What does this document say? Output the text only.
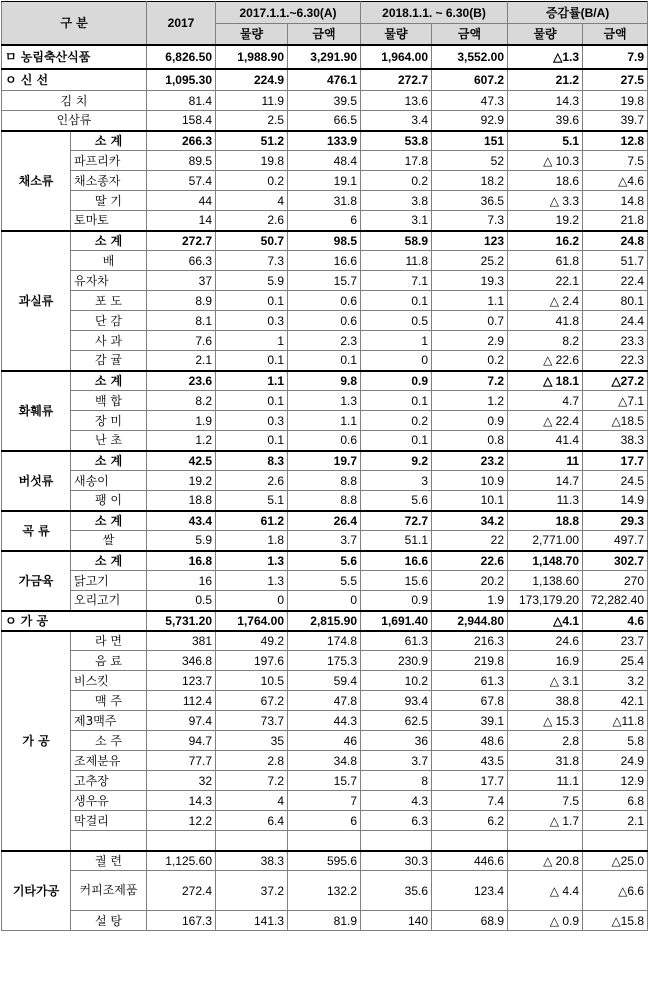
구 분		2017	2017.1.1.~6.30(A)		2018.1.1. ~ 6.30(B)		증감률(B/A)	
			물량	금액	물량	금액	물량	금액
ㅁ 농림축산식품		6,826.50	1,988.90	3,291.90	1,964.00	3,552.00	△1.3	7.9
ㅇ 신 선		1,095.30	224.9	476.1	272.7	607.2	21.2	27.5
김 치		81.4	11.9	39.5	13.6	47.3	14.3	19.8
인삼류		158.4	2.5	66.5	3.4	92.9	39.6	39.7
채소류	소 계	266.3	51.2	133.9	53.8	151	5.1	12.8
	파프리카	89.5	19.8	48.4	17.8	52	△ 10.3	7.5
	채소종자	57.4	0.2	19.1	0.2	18.2	18.6	△4.6
	딸 기	44	4	31.8	3.8	36.5	△ 3.3	14.8
	토마토	14	2.6	6	3.1	7.3	19.2	21.8
과실류	소 계	272.7	50.7	98.5	58.9	123	16.2	24.8
	배	66.3	7.3	16.6	11.8	25.2	61.8	51.7
	유자차	37	5.9	15.7	7.1	19.3	22.1	22.4
	포 도	8.9	0.1	0.6	0.1	1.1	△ 2.4	80.1
	단 감	8.1	0.3	0.6	0.5	0.7	41.8	24.4
	사 과	7.6	1	2.3	1	2.9	8.2	23.3
	감 귤	2.1	0.1	0.1	0	0.2	△ 22.6	22.3
화훼류	소 계	23.6	1.1	9.8	0.9	7.2	△ 18.1	△27.2
	백 합	8.2	0.1	1.3	0.1	1.2	4.7	△7.1
	장 미	1.9	0.3	1.1	0.2	0.9	△ 22.4	△18.5
	난 초	1.2	0.1	0.6	0.1	0.8	41.4	38.3
버섯류	소 계	42.5	8.3	19.7	9.2	23.2	11	17.7
	새송이	19.2	2.6	8.8	3	10.9	14.7	24.5
	팽 이	18.8	5.1	8.8	5.6	10.1	11.3	14.9
곡 류	소 계	43.4	61.2	26.4	72.7	34.2	18.8	29.3
	쌀	5.9	1.8	3.7	51.1	22	2,771.00	497.7
가금육	소 계	16.8	1.3	5.6	16.6	22.6	1,148.70	302.7
	닭고기	16	1.3	5.5	15.6	20.2	1,138.60	270
	오리고기	0.5	0	0	0.9	1.9	173,179.20	72,282.40
ㅇ 가 공		5,731.20	1,764.00	2,815.90	1,691.40	2,944.80	△4.1	4.6
가 공	라 면	381	49.2	174.8	61.3	216.3	24.6	23.7
	음 료	346.8	197.6	175.3	230.9	219.8	16.9	25.4
	비스킷	123.7	10.5	59.4	10.2	61.3	△ 3.1	3.2
	맥 주	112.4	67.2	47.8	93.4	67.8	38.8	42.1
	제3맥주	97.4	73.7	44.3	62.5	39.1	△ 15.3	△11.8
	소 주	94.7	35	46	36	48.6	2.8	5.8
	조제분유	77.7	2.8	34.8	3.7	43.5	31.8	24.9
	고추장	32	7.2	15.7	8	17.7	11.1	12.9
	생우유	14.3	4	7	4.3	7.4	7.5	6.8
	막걸리	12.2	6.4	6	6.3	6.2	△ 1.7	2.1

기타가공	궐 련	1,125.60	38.3	595.6	30.3	446.6	△ 20.8	△25.0
	커피조제품	272.4	37.2	132.2	35.6	123.4	△ 4.4	△6.6
	설 탕	167.3	141.3	81.9	140	68.9	△ 0.9	△15.8
